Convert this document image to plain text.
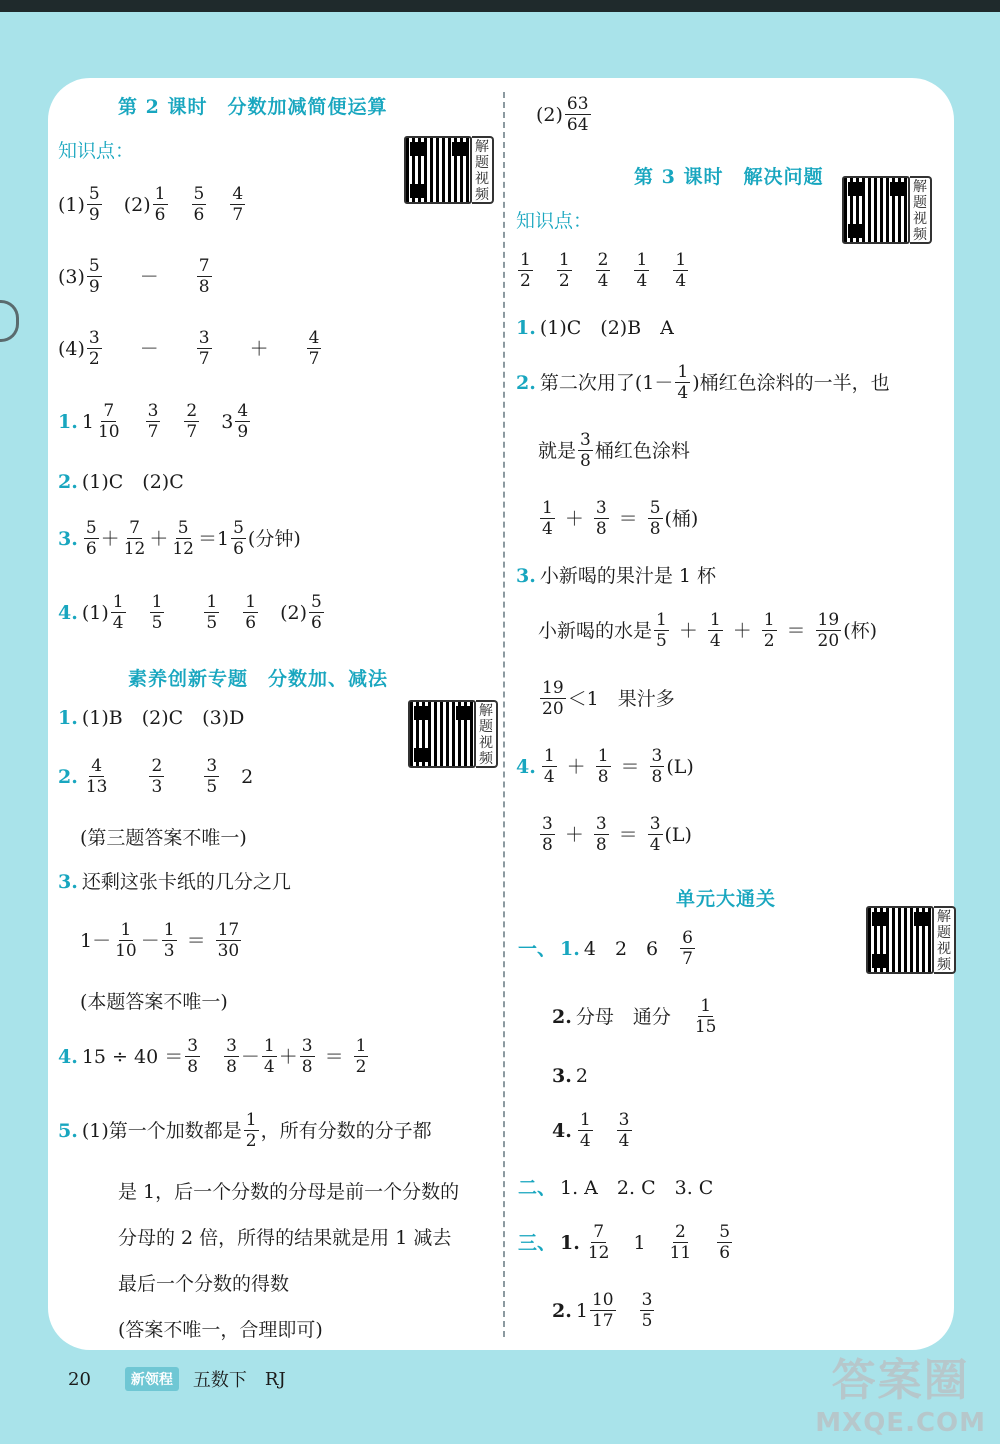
第 2 课时　分数加减简便运算
知识点：	解
题
视
频
$(1) \frac{5}{9} (2) \frac{1}{6} \frac{5}{6} \frac{4}{7}$
$(3) \frac{5}{9} - \frac{7}{8}$
$(4) \frac{3}{2} - \frac{3}{7} + \frac{4}{7}$
1. $1 \frac{7}{10} \frac{3}{7} \frac{2}{7} 3 \frac{4}{9}$
2. (1)C　(2)C
3. $\frac{5}{6} + \frac{7}{12} + \frac{5}{12} =1 \frac{5}{6}$ (分钟)
4. $(1) \frac{1}{4} \frac{1}{5} \frac{1}{5} \frac{1}{6} (2) \frac{5}{6}$
素养创新专题　分数加、减法
解
题
视
频
1. (1)B　(2)C　(3)D
2. $\frac{4}{13} \frac{2}{3} \frac{3}{5} 2$
(第三题答案不唯一)
3. 还剩这张卡纸的几分之几
$1- \frac{1}{10} - \frac{1}{3} = \frac{17}{30}$
(本题答案不唯一)
4. $15 \div 40 = \frac{3}{8} \frac{3}{8} - \frac{1}{4} + \frac{3}{8} = \frac{1}{2}$
5. (1)第一个加数都是 $\frac{1}{2}$ ，所有分数的分子都
是 1，后一个分数的分母是前一个分数的
分母的 2 倍，所得的结果就是用 1 减去
最后一个分数的得数
(答案不唯一，合理即可)
$(2) \frac{63}{64}$
第 3 课时　解决问题	解
题
视
频
知识点：
$\frac{1}{2} \frac{1}{2} \frac{2}{4} \frac{1}{4} \frac{1}{4}$
1. (1)C　(2)B　A
2. 第二次用了($1- \frac{1}{4}$ )桶红色涂料的一半，也
就是 $\frac{3}{8}$ 桶红色涂料
$\frac{1}{4} + \frac{3}{8} = \frac{5}{8}$ (桶)
3. 小新喝的果汁是 1 杯
小新喝的水是 $\frac{1}{5} + \frac{1}{4} + \frac{1}{2} = \frac{19}{20}$ (杯)
$\frac{19}{20} <1$　果汁多
4. $\frac{1}{4} + \frac{1}{8} = \frac{3}{8} (L)$
$\frac{3}{8} + \frac{3}{8} = \frac{3}{4} (L)$
单元大通关
解
题
视
频
一、 1. 4　2　$6 \frac{6}{7}$
2. 分母　通分 $\frac{1}{15}$
3. 2
4. $\frac{1}{4} \frac{3}{4}$
二、 1. A　2. C　3. C
三、 1. $\frac{7}{12} 1 \frac{2}{11} \frac{5}{6}$
2. $1 \frac{10}{17} \frac{3}{5}$
20	新领程	五数下 RJ	答案圈
MXQE.COM
